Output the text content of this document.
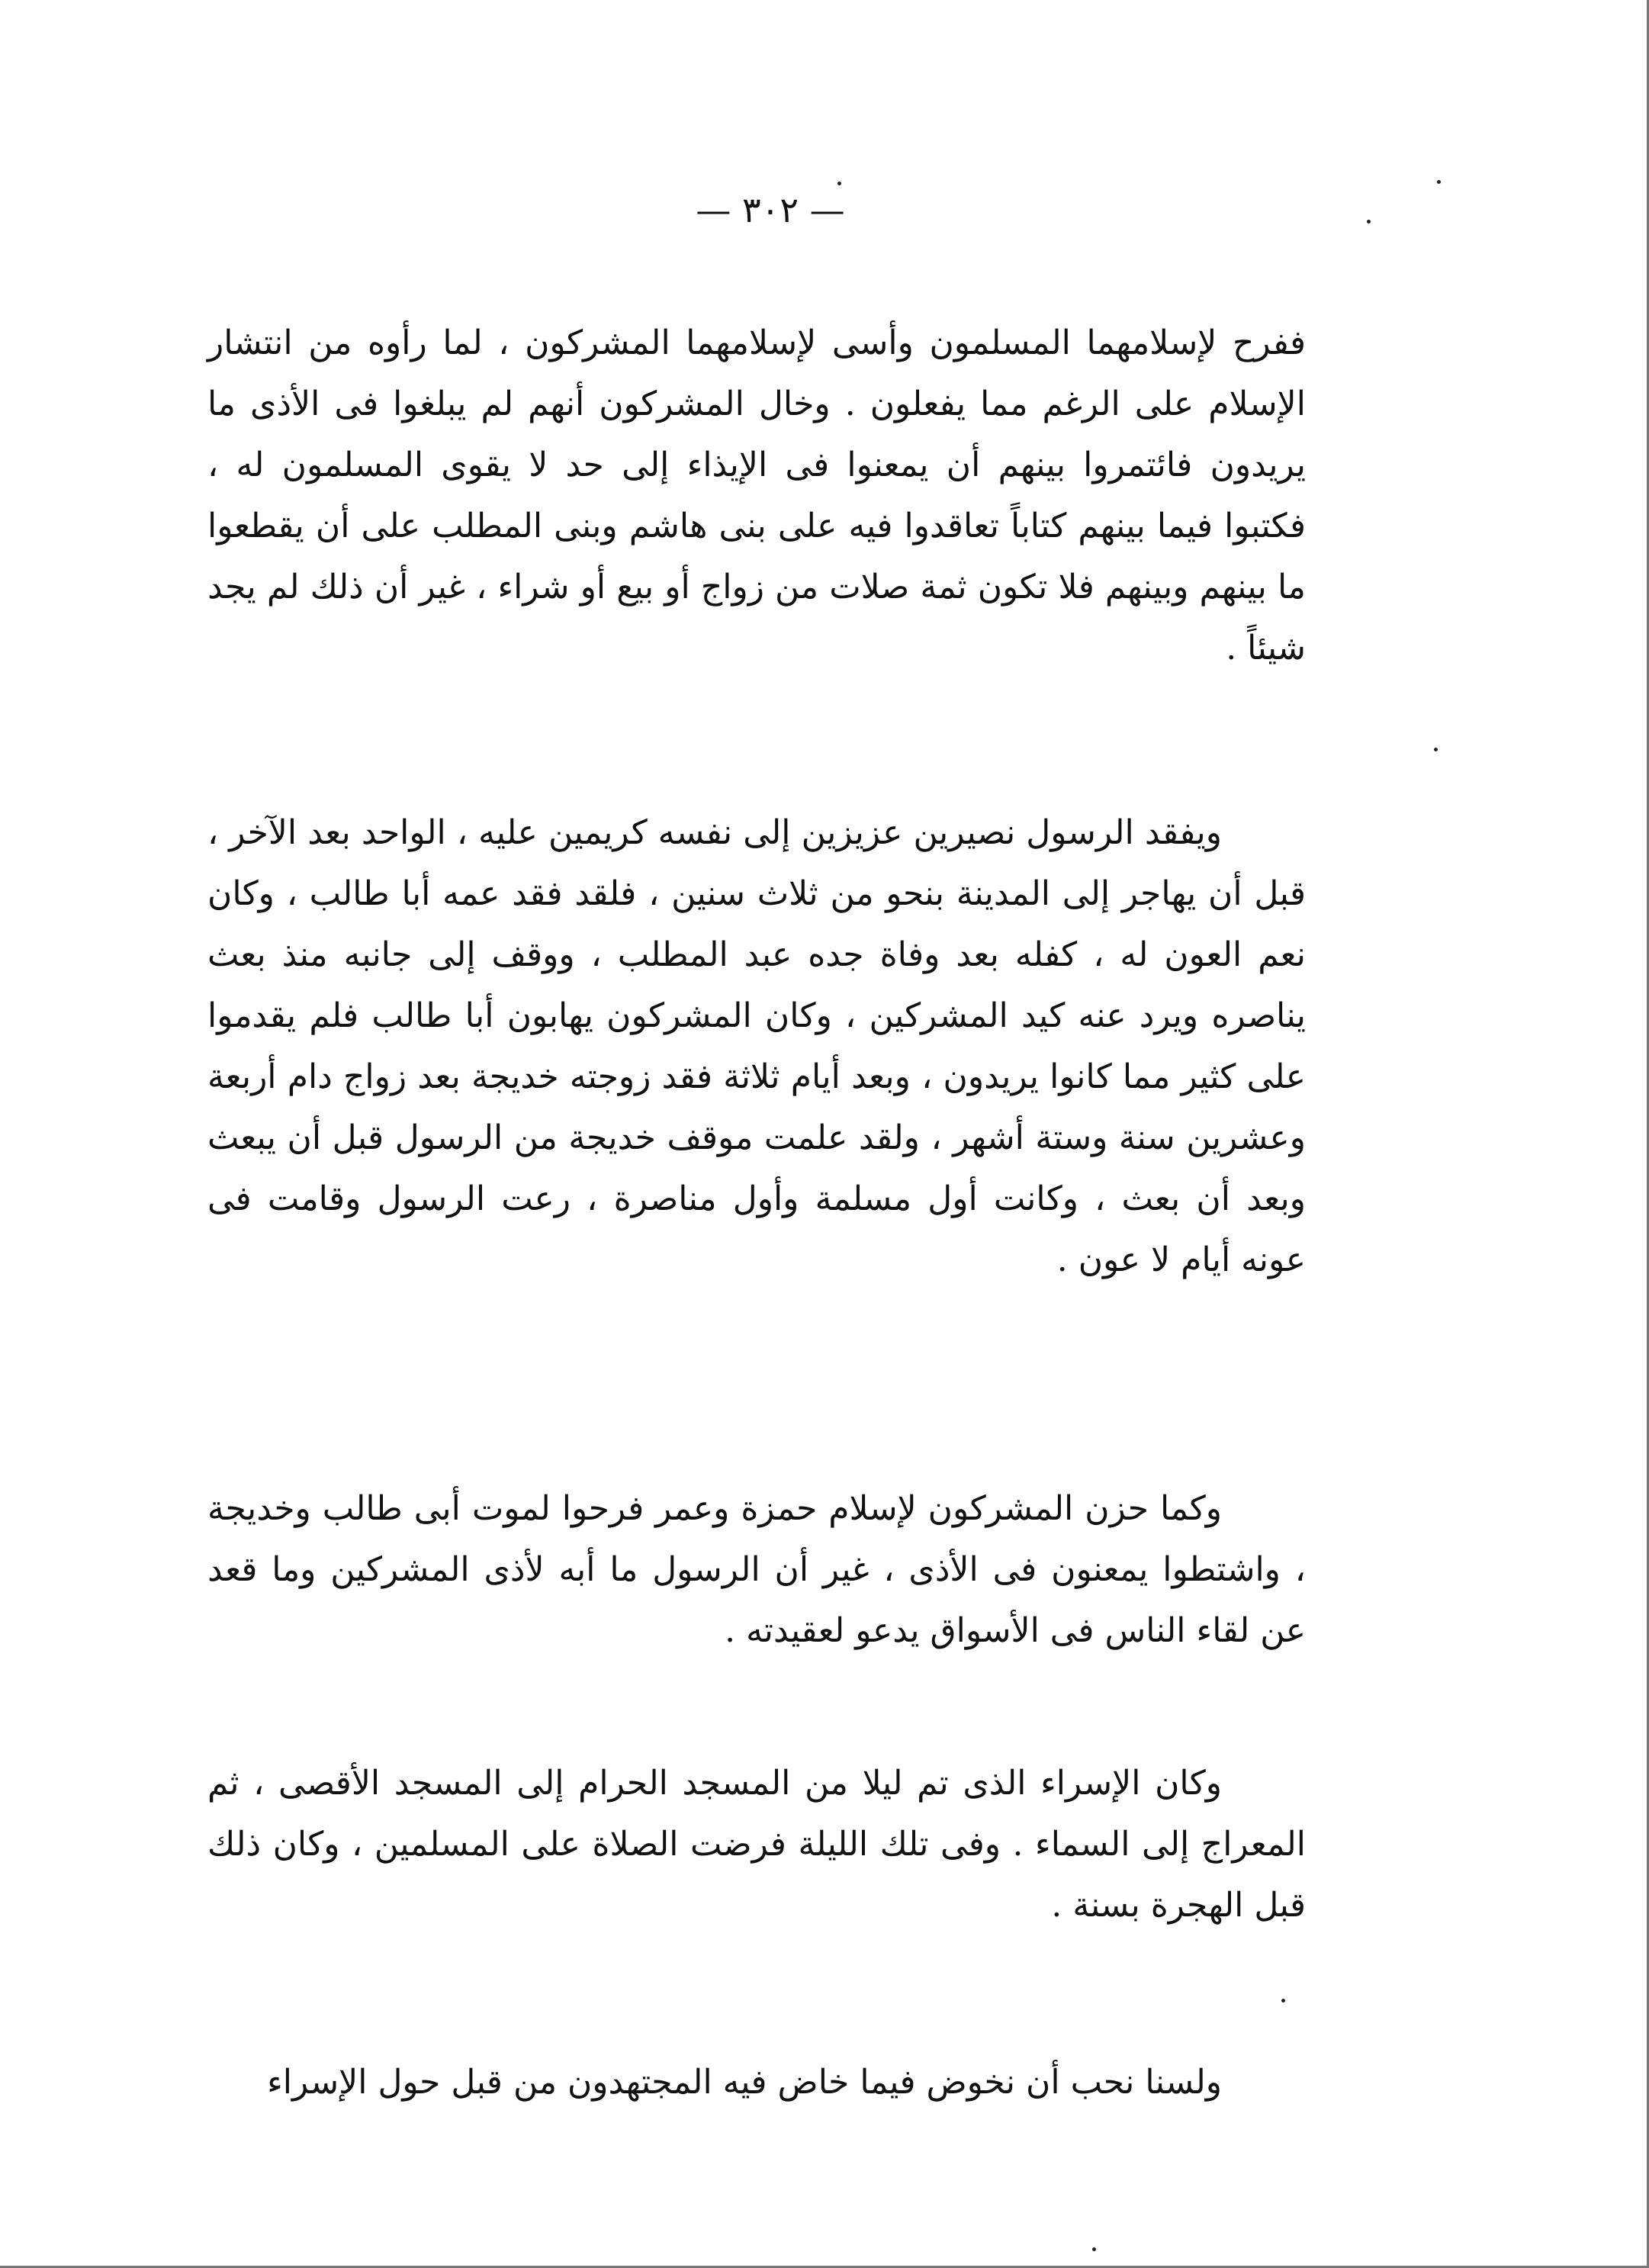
— ٣٠٢ —

ففرح لإسلامهما المسلمون وأسى لإسلامهما المشركون ، لما رأوه من انتشار الإسلام على الرغم مما يفعلون . وخال المشركون أنهم لم يبلغوا فى الأذى ما يريدون فائتمروا بينهم أن يمعنوا فى الإيذاء إلى حد لا يقوى المسلمون له ، فكتبوا فيما بينهم كتاباً تعاقدوا فيه على بنى هاشم وبنى المطلب على أن يقطعوا ما بينهم وبينهم فلا تكون ثمة صلات من زواج أو بيع أو شراء ، غير أن ذلك لم يجد شيئاً .

ويفقد الرسول نصيرين عزيزين إلى نفسه كريمين عليه ، الواحد بعد الآخر ، قبل أن يهاجر إلى المدينة بنحو من ثلاث سنين ، فلقد فقد عمه أبا طالب ، وكان نعم العون له ، كفله بعد وفاة جده عبد المطلب ، ووقف إلى جانبه منذ بعث يناصره ويرد عنه كيد المشركين ، وكان المشركون يهابون أبا طالب فلم يقدموا على كثير مما كانوا يريدون ، وبعد أيام ثلاثة فقد زوجته خديجة بعد زواج دام أربعة وعشرين سنة وستة أشهر ، ولقد علمت موقف خديجة من الرسول قبل أن يبعث وبعد أن بعث ، وكانت أول مسلمة وأول مناصرة ، رعت الرسول وقامت فى عونه أيام لا عون .

وكما حزن المشركون لإسلام حمزة وعمر فرحوا لموت أبى طالب وخديجة ، واشتطوا يمعنون فى الأذى ، غير أن الرسول ما أبه لأذى المشركين وما قعد عن لقاء الناس فى الأسواق يدعو لعقيدته .

وكان الإسراء الذى تم ليلا من المسجد الحرام إلى المسجد الأقصى ، ثم المعراج إلى السماء . وفى تلك الليلة فرضت الصلاة على المسلمين ، وكان ذلك قبل الهجرة بسنة .

ولسنا نحب أن نخوض فيما خاض فيه المجتهدون من قبل حول الإسراء
